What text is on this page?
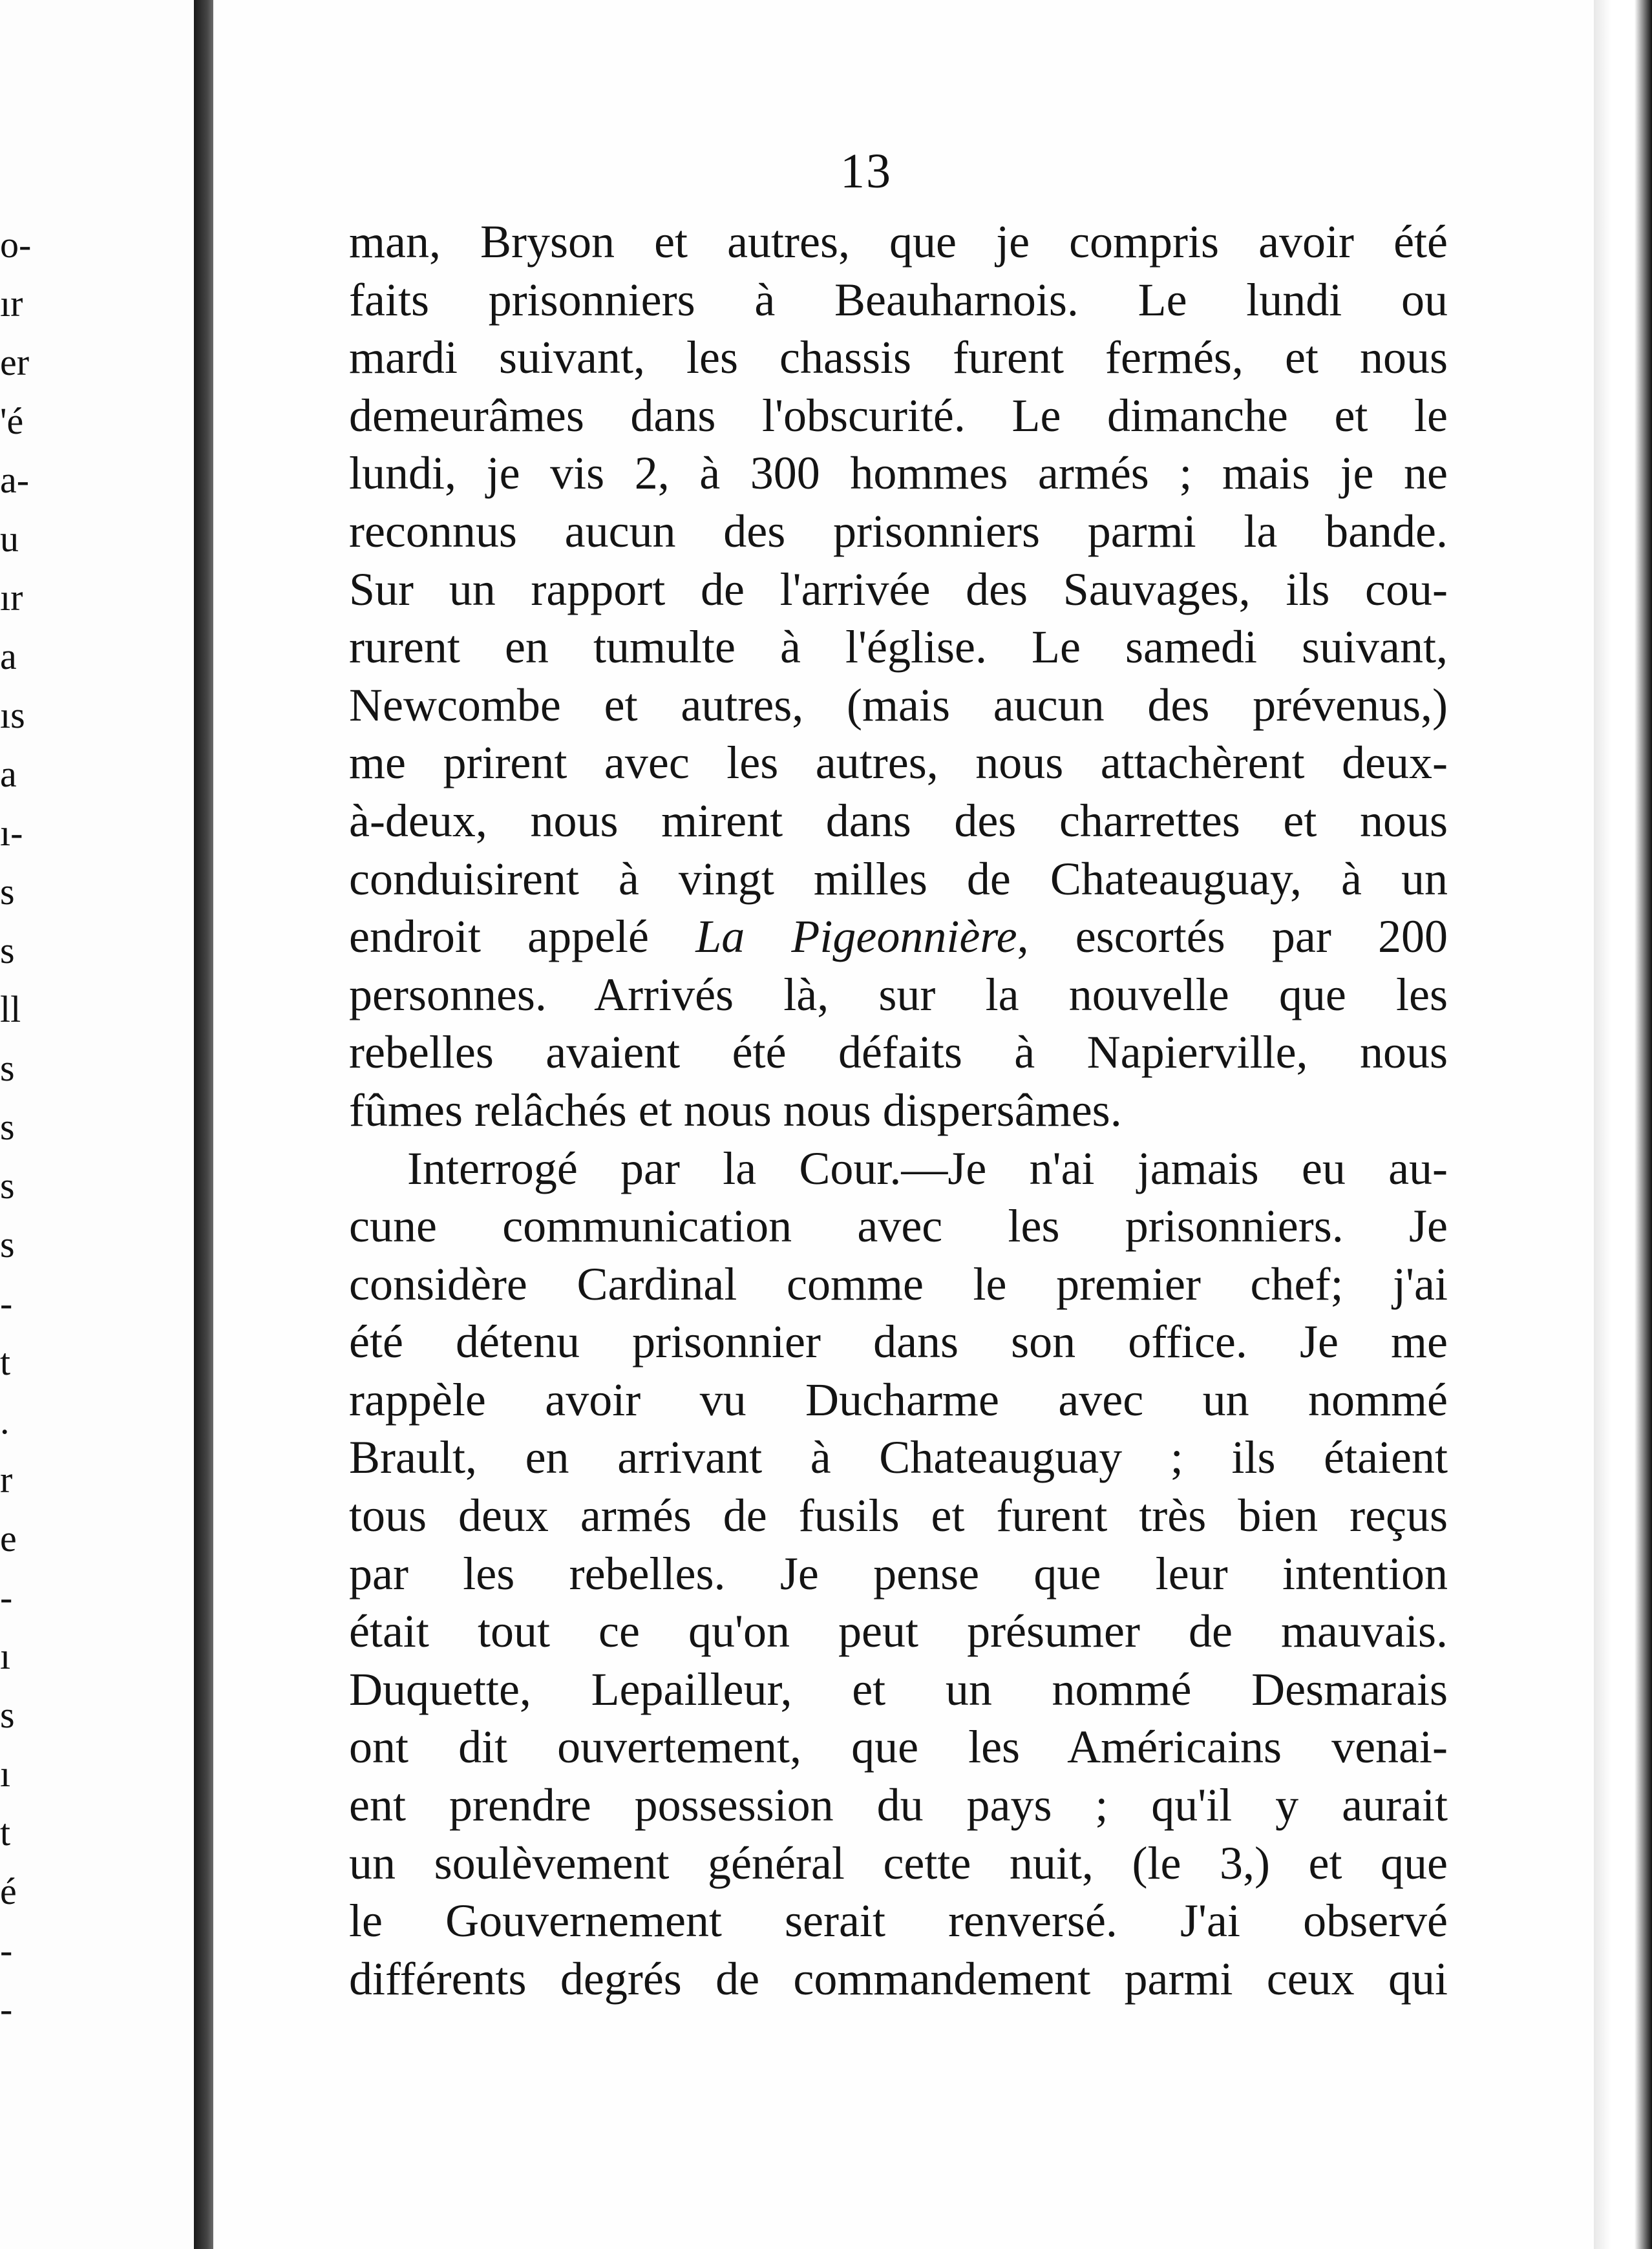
o-
ır
er
'é
a-
u
ır
a
ıs
a
ı-
s
s
ll
s
s
s
s
-
t
.
r
e
-
ı
s
ı
t
é
-
-
13
man, Bryson et autres, que je compris avoir été
faits prisonniers à Beauharnois. Le lundi ou
mardi suivant, les chassis furent fermés, et nous
demeurâmes dans l'obscurité. Le dimanche et le
lundi, je vis 2, à 300 hommes armés ; mais je ne
reconnus aucun des prisonniers parmi la bande.
Sur un rapport de l'arrivée des Sauvages, ils cou-
rurent en tumulte à l'église. Le samedi suivant,
Newcombe et autres, (mais aucun des prévenus,)
me prirent avec les autres, nous attachèrent deux-
à-deux, nous mirent dans des charrettes et nous
conduisirent à vingt milles de Chateauguay, à un
endroit appelé La Pigeonnière, escortés par 200
personnes. Arrivés là, sur la nouvelle que les
rebelles avaient été défaits à Napierville, nous
fûmes relâchés et nous nous dispersâmes.
Interrogé par la Cour.—Je n'ai jamais eu au-
cune communication avec les prisonniers. Je
considère Cardinal comme le premier chef; j'ai
été détenu prisonnier dans son office. Je me
rappèle avoir vu Ducharme avec un nommé
Brault, en arrivant à Chateauguay ; ils étaient
tous deux armés de fusils et furent très bien reçus
par les rebelles. Je pense que leur intention
était tout ce qu'on peut présumer de mauvais.
Duquette, Lepailleur, et un nommé Desmarais
ont dit ouvertement, que les Américains venai-
ent prendre possession du pays ; qu'il y aurait
un soulèvement général cette nuit, (le 3,) et que
le Gouvernement serait renversé. J'ai observé
différents degrés de commandement parmi ceux qui
